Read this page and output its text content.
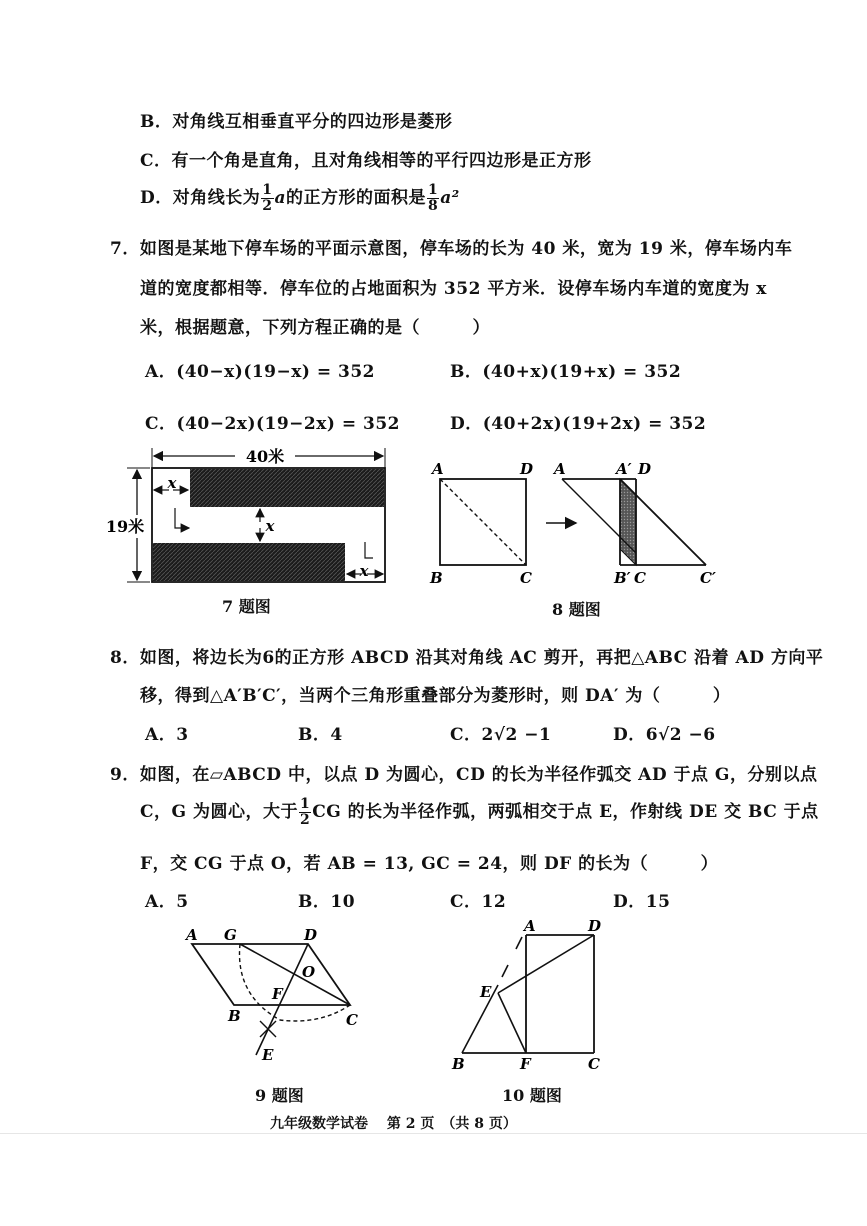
B．对角线互相垂直平分的四边形是菱形
C．有一个角是直角，且对角线相等的平行四边形是正方形
D．对角线长为 $\frac{1}{2}$ a的正方形的面积是 $\frac{1}{8} a^2$
7．如图是某地下停车场的平面示意图，停车场的长为 40 米，宽为 19 米，停车场内车
道的宽度都相等．停车位的占地面积为 352 平方米．设停车场内车道的宽度为 x
米，根据题意，下列方程正确的是（　　　）
A．(40−x)(19−x) = 352	B．(40+x)(19+x) = 352
C．(40−2x)(19−2x) = 352	D．(40+2x)(19+2x) = 352
40米
19米
x
x
x
7 题图
A	D
B	C
A	A′ D
B′ C	C′
8 题图
8．如图，将边长为6的正方形 ABCD 沿其对角线 AC 剪开，再把△ABC 沿着 AD 方向平
移，得到△A′B′C′，当两个三角形重叠部分为菱形时，则 DA′ 为（　　　）
A．3	B．4	C．2√2 −1	D．6√2 −6
9．如图，在▱ABCD 中，以点 D 为圆心，CD 的长为半径作弧交 AD 于点 G，分别以点
C，G 为圆心，大于 $\frac{1}{2}$ CG 的长为半径作弧，两弧相交于点 E，作射线 DE 交 BC 于点
F，交 CG 于点 O，若 AB = 13, GC = 24，则 DF 的长为（　　　）
A．5	B．10	C．12	D．15
A G	D
O
F
B	C
E
9 题图
A	D
E
B	F	C
10 题图
九年级数学试卷　 第 2 页　（共 8 页）
